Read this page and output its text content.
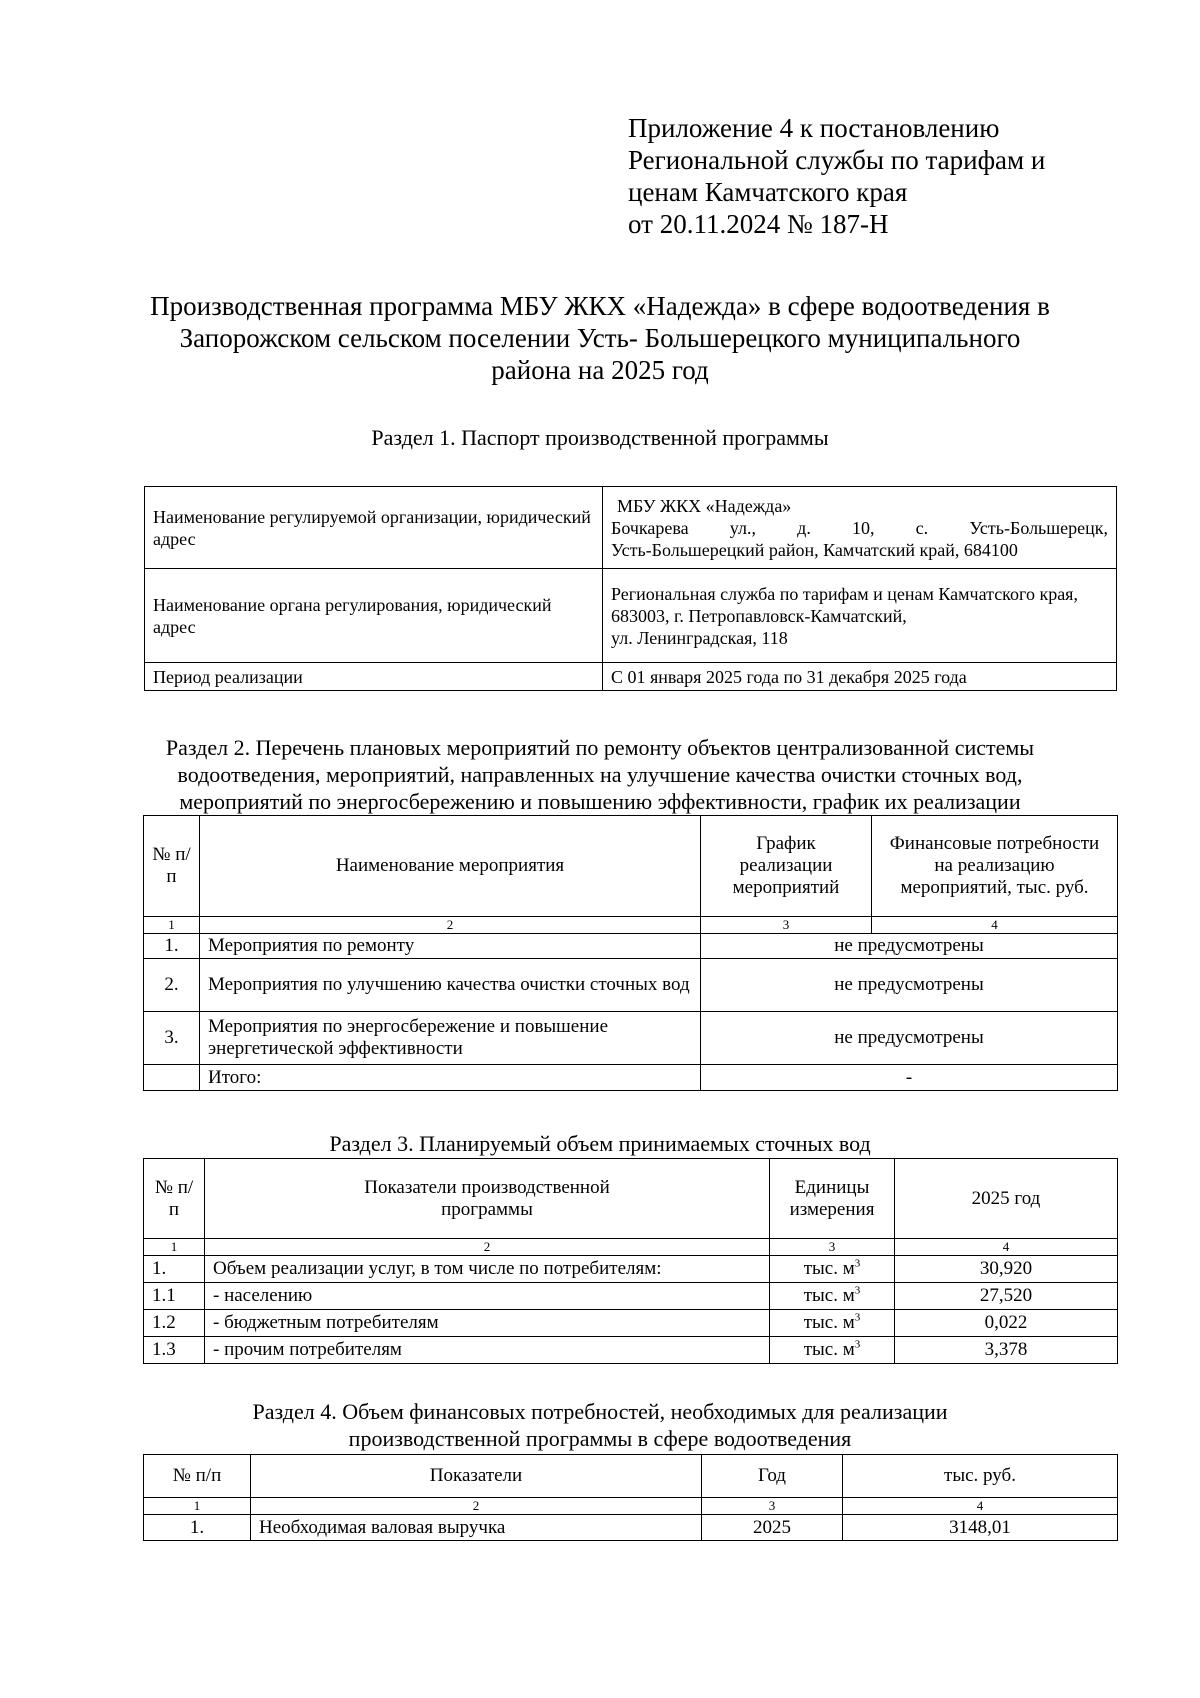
Приложение 4 к постановлению
Региональной службы по тарифам и
ценам Камчатского края
от 20.11.2024 № 187-Н
Производственная программа МБУ ЖКХ «Надежда» в сфере водоотведения в
Запорожском сельском поселении Усть- Большерецкого муниципального
района на 2025 год
Раздел 1. Паспорт производственной программы
Наименование регулируемой организации, юридический адрес	МБУ ЖКХ «Надежда»
Бочкарева ул., д. 10, с. Усть-Большерецк,
Усть-Большерецкий район, Камчатский край, 684100

Наименование органа регулирования, юридический адрес	Региональная служба по тарифам и ценам Камчатского края,
683003, г. Петропавловск-Камчатский,
ул. Ленинградская, 118

Период реализации	С 01 января 2025 года по 31 декабря 2025 года
Раздел 2. Перечень плановых мероприятий по ремонту объектов централизованной системы
водоотведения, мероприятий, направленных на улучшение качества очистки сточных вод,
мероприятий по энергосбережению и повышению эффективности, график их реализации
№ п/п	Наименование мероприятия	График реализации мероприятий	Финансовые потребности на реализацию мероприятий, тыс. руб.
1	2	3	4
1.	Мероприятия по ремонту	не предусмотрены	
2.	Мероприятия по улучшению качества очистки сточных вод	не предусмотрены	
3.	Мероприятия по энергосбережение и повышение энергетической эффективности	не предусмотрены	
	Итого:	-	
Раздел 3. Планируемый объем принимаемых сточных вод
№ п/п	Показатели производственной программы	Единицы измерения	2025 год
1	2	3	4
1.	Объем реализации услуг, в том числе по потребителям:	тыс. $м^3$	30,920
1.1	- населению	тыс. $м^3$	27,520
1.2	- бюджетным потребителям	тыс. $м^3$	0,022
1.3	- прочим потребителям	тыс. $м^3$	3,378
Раздел 4. Объем финансовых потребностей, необходимых для реализации
производственной программы в сфере водоотведения
№ п/п	Показатели	Год	тыс. руб.
1	2	3	4
1.	Необходимая валовая выручка	2025	3148,01
